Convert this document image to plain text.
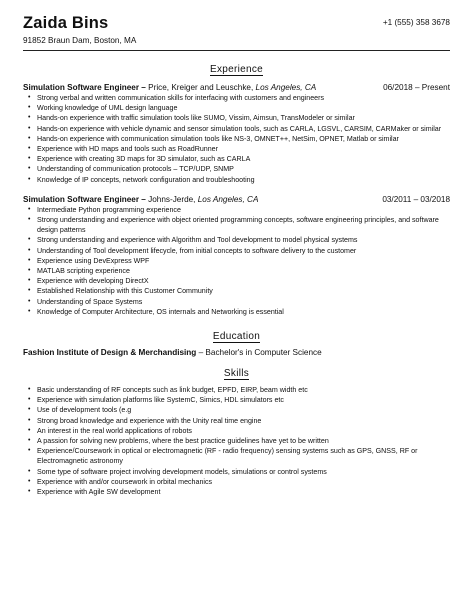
Zaida Bins	+1 (555) 358 3678
91852 Braun Dam, Boston, MA
Experience
Simulation Software Engineer – Price, Kreiger and Leuschke, Los Angeles, CA	06/2018 – Present
• Strong verbal and written communication skills for interfacing with customers and engineers
• Working knowledge of UML design language
• Hands-on experience with traffic simulation tools like SUMO, Vissim, Aimsun, TransModeler or similar
• Hands-on experience with vehicle dynamic and sensor simulation tools, such as CARLA, LGSVL, CARSIM, CARMaker or similar
• Hands-on experience with communication simulation tools like NS-3, OMNET++, NetSim, OPNET, Matlab or similar
• Experience with HD maps and tools such as RoadRunner
• Experience with creating 3D maps for 3D simulator, such as CARLA
• Understanding of communication protocols – TCP/UDP, SNMP
• Knowledge of IP concepts, network configuration and troubleshooting
Simulation Software Engineer – Johns-Jerde, Los Angeles, CA	03/2011 – 03/2018
• Intermediate Python programming experience
• Strong understanding and experience with object oriented programming concepts, software engineering principles, and software design patterns
• Strong understanding and experience with Algorithm and Tool development to model physical systems
• Understanding of Tool development lifecycle, from initial concepts to software delivery to the customer
• Experience using DevExpress WPF
• MATLAB scripting experience
• Experience with developing DirectX
• Established Relationship with this Customer Community
• Understanding of Space Systems
• Knowledge of Computer Architecture, OS internals and Networking is essential
Education
Fashion Institute of Design & Merchandising – Bachelor's in Computer Science
Skills
• Basic understanding of RF concepts such as link budget, EPFD, EIRP, beam width etc
• Experience with simulation platforms like SystemC, Simics, HDL simulators etc
• Use of development tools (e.g
• Strong broad knowledge and experience with the Unity real time engine
• An interest in the real world applications of robots
• A passion for solving new problems, where the best practice guidelines have yet to be written
• Experience/Coursework in optical or electromagnetic (RF - radio frequency) sensing systems such as GPS, GNSS, RF or Electromagnetic astronomy
• Some type of software project involving development models, simulations or control systems
• Experience with and/or coursework in orbital mechanics
• Experience with Agile SW development
